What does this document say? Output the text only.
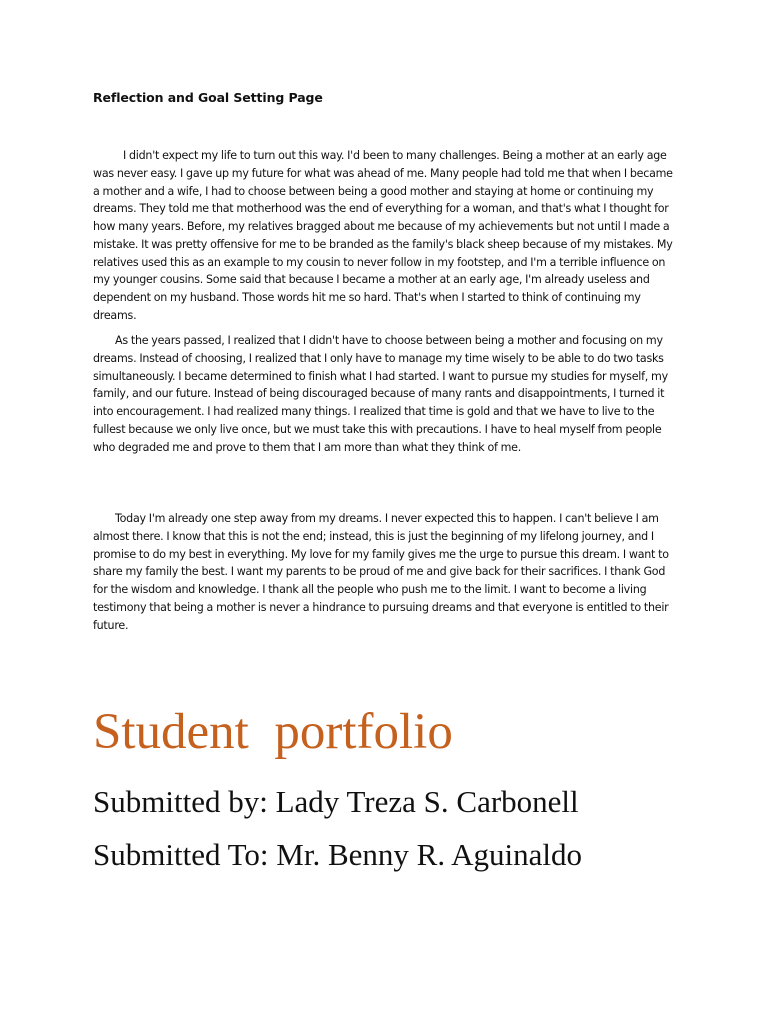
Reflection and Goal Setting Page

I didn't expect my life to turn out this way. I'd been to many challenges. Being a mother at an early age was never easy. I gave up my future for what was ahead of me. Many people had told me that when I became a mother and a wife, I had to choose between being a good mother and staying at home or continuing my dreams. They told me that motherhood was the end of everything for a woman, and that's what I thought for how many years. Before, my relatives bragged about me because of my achievements but not until I made a mistake. It was pretty offensive for me to be branded as the family's black sheep because of my mistakes. My relatives used this as an example to my cousin to never follow in my footstep, and I'm a terrible influence on my younger cousins. Some said that because I became a mother at an early age, I'm already useless and dependent on my husband. Those words hit me so hard. That's when I started to think of continuing my dreams.

As the years passed, I realized that I didn't have to choose between being a mother and focusing on my dreams. Instead of choosing, I realized that I only have to manage my time wisely to be able to do two tasks simultaneously. I became determined to finish what I had started. I want to pursue my studies for myself, my family, and our future. Instead of being discouraged because of many rants and disappointments, I turned it into encouragement. I had realized many things. I realized that time is gold and that we have to live to the fullest because we only live once, but we must take this with precautions. I have to heal myself from people who degraded me and prove to them that I am more than what they think of me.

Today I'm already one step away from my dreams. I never expected this to happen. I can't believe I am almost there. I know that this is not the end; instead, this is just the beginning of my lifelong journey, and I promise to do my best in everything. My love for my family gives me the urge to pursue this dream. I want to share my family the best. I want my parents to be proud of me and give back for their sacrifices. I thank God for the wisdom and knowledge. I thank all the people who push me to the limit. I want to become a living testimony that being a mother is never a hindrance to pursuing dreams and that everyone is entitled to their future.

Student  portfolio
Submitted by: Lady Treza S. Carbonell
Submitted To: Mr. Benny R. Aguinaldo
